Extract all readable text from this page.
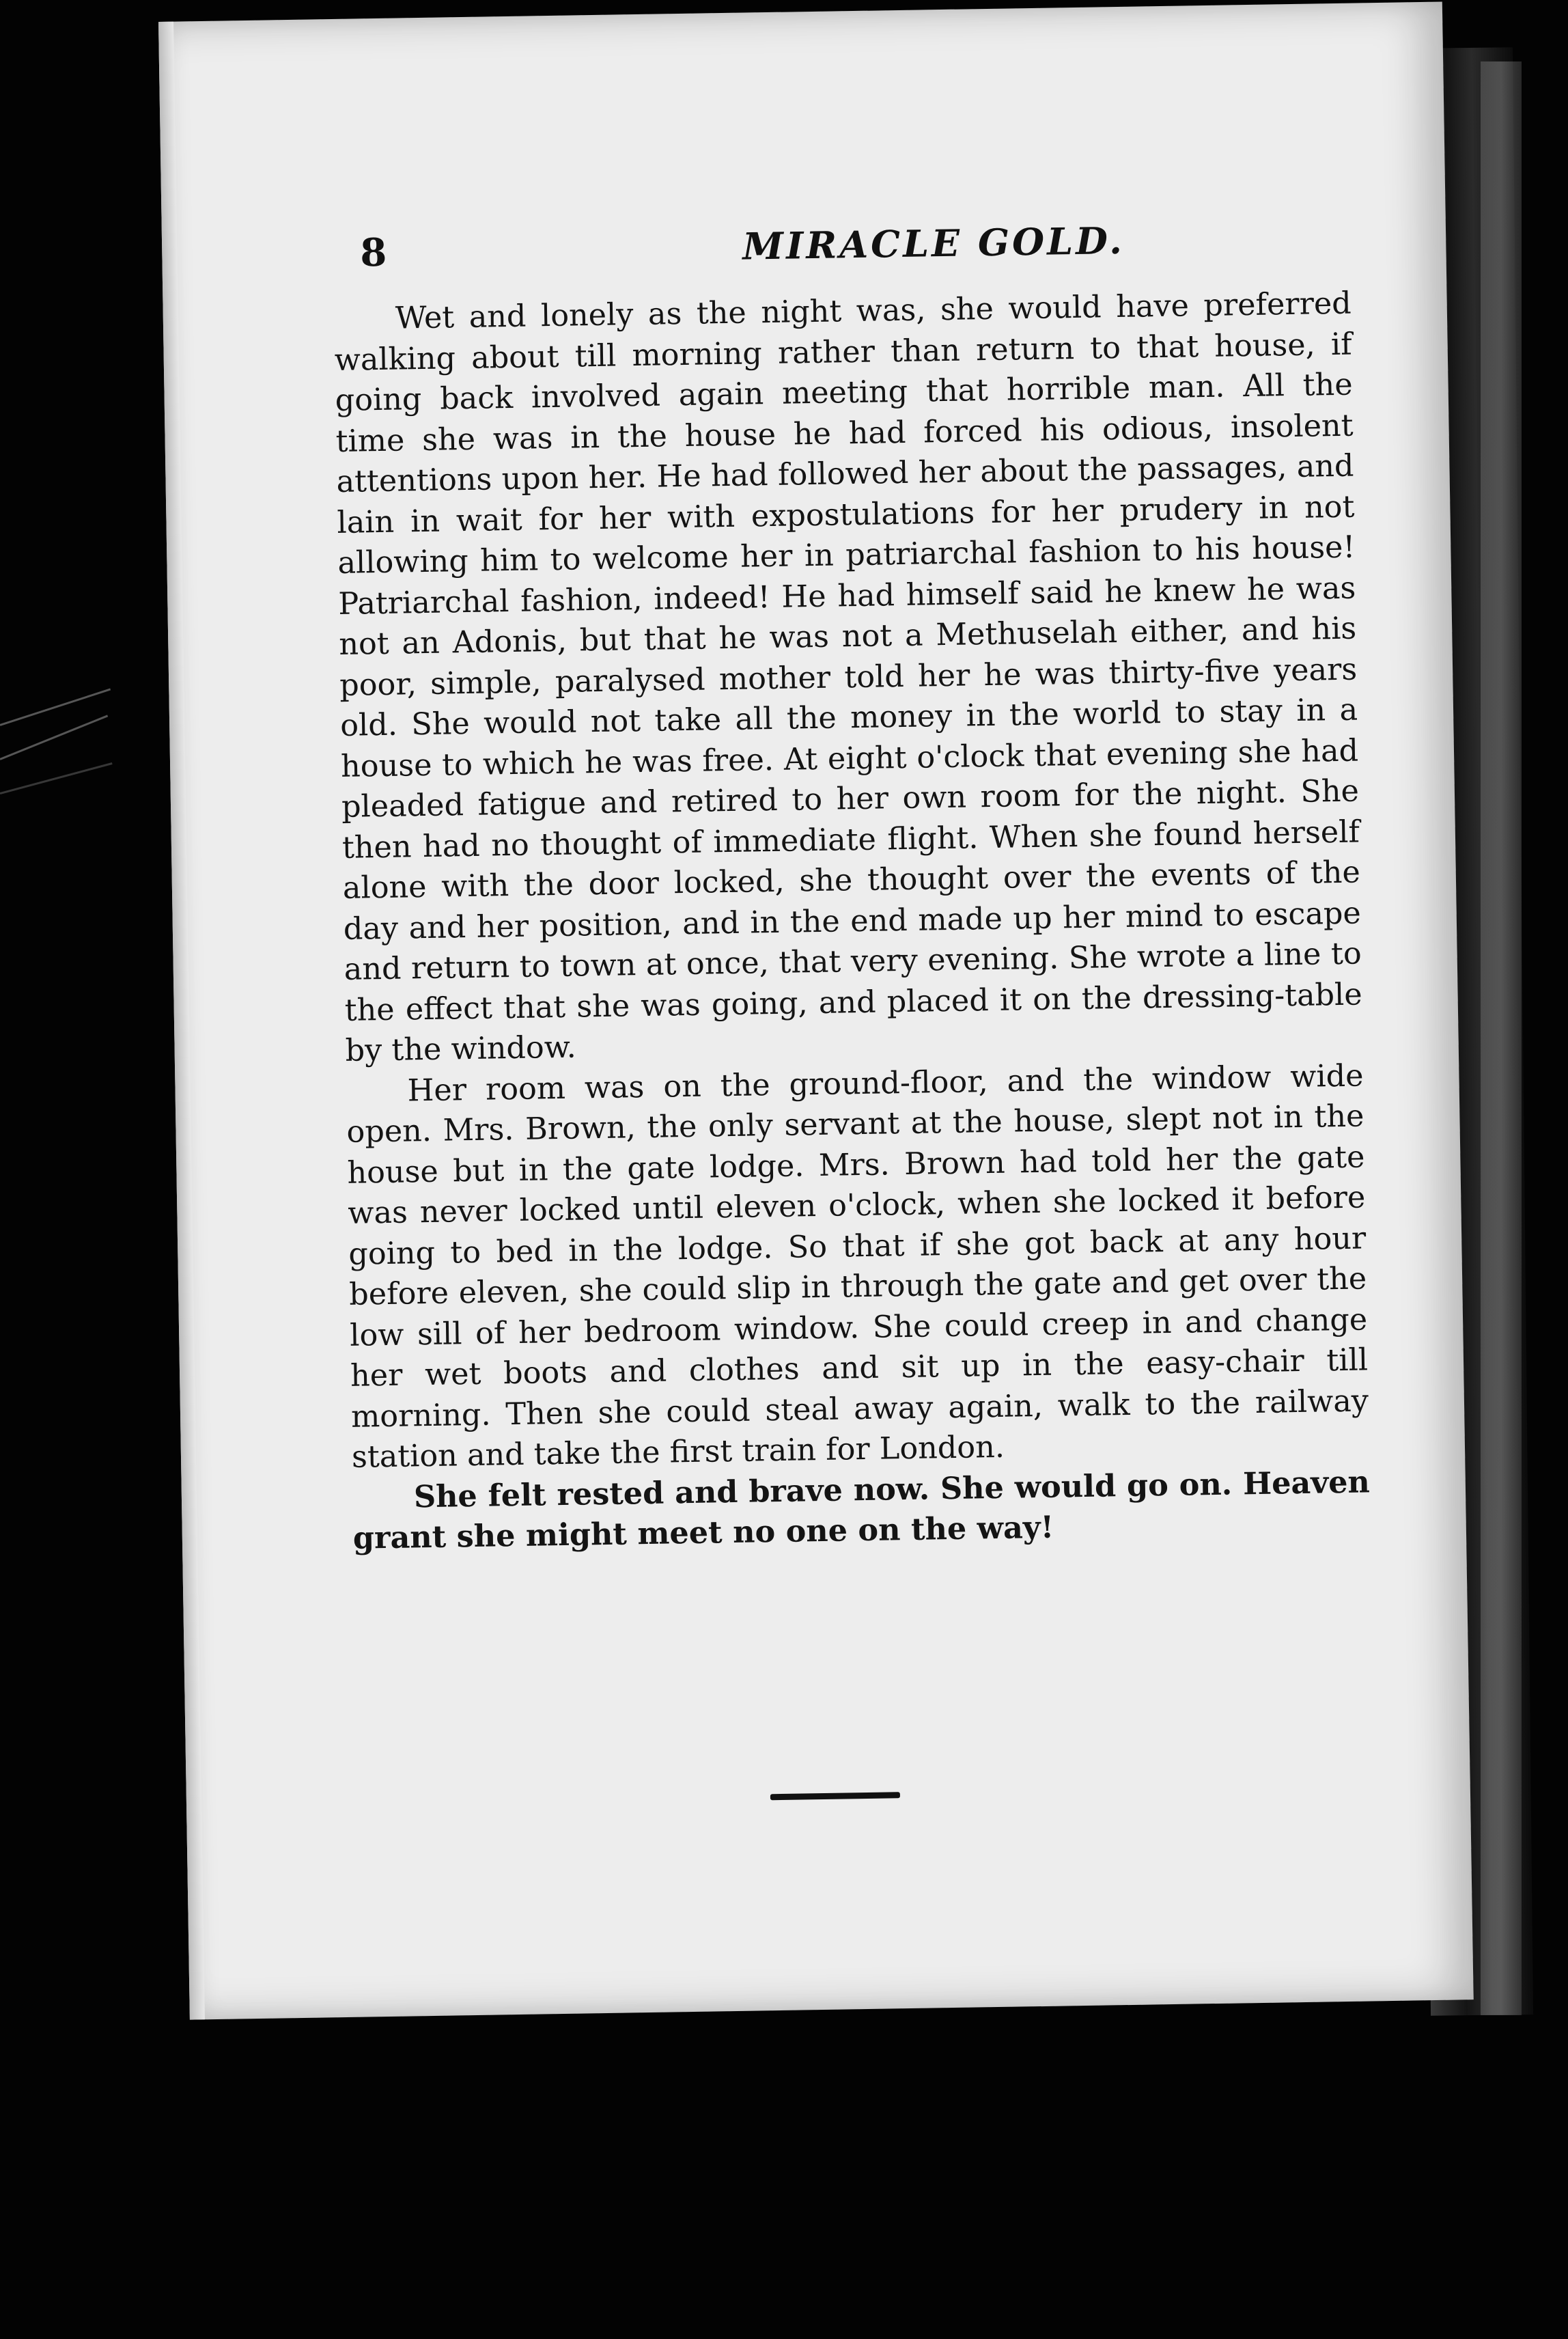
8	MIRACLE GOLD.

Wet and lonely as the night was, she would have preferred walking about till morning rather than return to that house, if going back involved again meeting that horrible man. All the time she was in the house he had forced his odious, insolent attentions upon her. He had followed her about the passages, and lain in wait for her with expostulations for her prudery in not allowing him to welcome her in patriarchal fashion to his house! Patriarchal fashion, indeed! He had himself said he knew he was not an Adonis, but that he was not a Methuselah either, and his poor, simple, paralysed mother told her he was thirty-five years old. She would not take all the money in the world to stay in a house to which he was free. At eight o'clock that evening she had pleaded fatigue and retired to her own room for the night. She then had no thought of immediate flight. When she found herself alone with the door locked, she thought over the events of the day and her position, and in the end made up her mind to escape and return to town at once, that very evening. She wrote a line to the effect that she was going, and placed it on the dressing-table by the window.

Her room was on the ground-floor, and the window wide open. Mrs. Brown, the only servant at the house, slept not in the house but in the gate lodge. Mrs. Brown had told her the gate was never locked until eleven o'clock, when she locked it before going to bed in the lodge. So that if she got back at any hour before eleven, she could slip in through the gate and get over the low sill of her bedroom window. She could creep in and change her wet boots and clothes and sit up in the easy-chair till morning. Then she could steal away again, walk to the railway station and take the first train for London.

She felt rested and brave now. She would go on. Heaven grant she might meet no one on the way!
